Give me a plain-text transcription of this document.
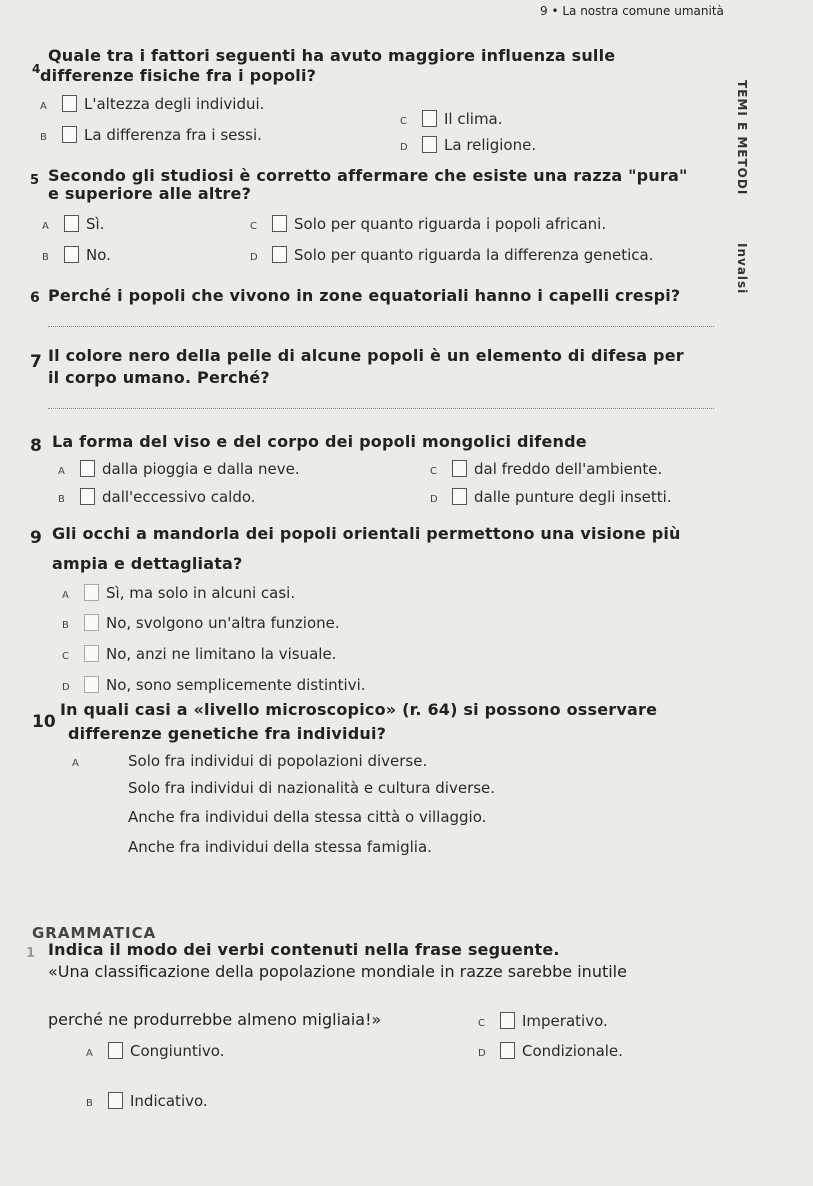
9 • La nostra comune umanità
TEMI E METODI
Invalsi
4
Quale tra i fattori seguenti ha avuto maggiore influenza sulle
differenze fisiche fra i popoli?
A L'altezza degli individui.
B La differenza fra i sessi.
C Il clima.
D La religione.
5 Secondo gli studiosi è corretto affermare che esiste una razza "pura"
e superiore alle altre?
A Sì.
B No.
C Solo per quanto riguarda i popoli africani.
D Solo per quanto riguarda la differenza genetica.
6 Perché i popoli che vivono in zone equatoriali hanno i capelli crespi?
7 Il colore nero della pelle di alcune popoli è un elemento di difesa per
il corpo umano. Perché?
8 La forma del viso e del corpo dei popoli mongolici difende
A dalla pioggia e dalla neve.
B dall'eccessivo caldo.
C dal freddo dell'ambiente.
D dalle punture degli insetti.
9 Gli occhi a mandorla dei popoli orientali permettono una visione più
ampia e dettagliata?
A Sì, ma solo in alcuni casi.
B No, svolgono un'altra funzione.
C No, anzi ne limitano la visuale.
D No, sono semplicemente distintivi.
10
In quali casi a «livello microscopico» (r. 64) si possono osservare
differenze genetiche fra individui?
A	Solo fra individui di popolazioni diverse.
Solo fra individui di nazionalità e cultura diverse.
Anche fra individui della stessa città o villaggio.
Anche fra individui della stessa famiglia.
GRAMMATICA
1 Indica il modo dei verbi contenuti nella frase seguente.
«Una classificazione della popolazione mondiale in razze sarebbe inutile
perché ne produrrebbe almeno migliaia!»
A Congiuntivo.
B Indicativo.
C Imperativo.
D Condizionale.
